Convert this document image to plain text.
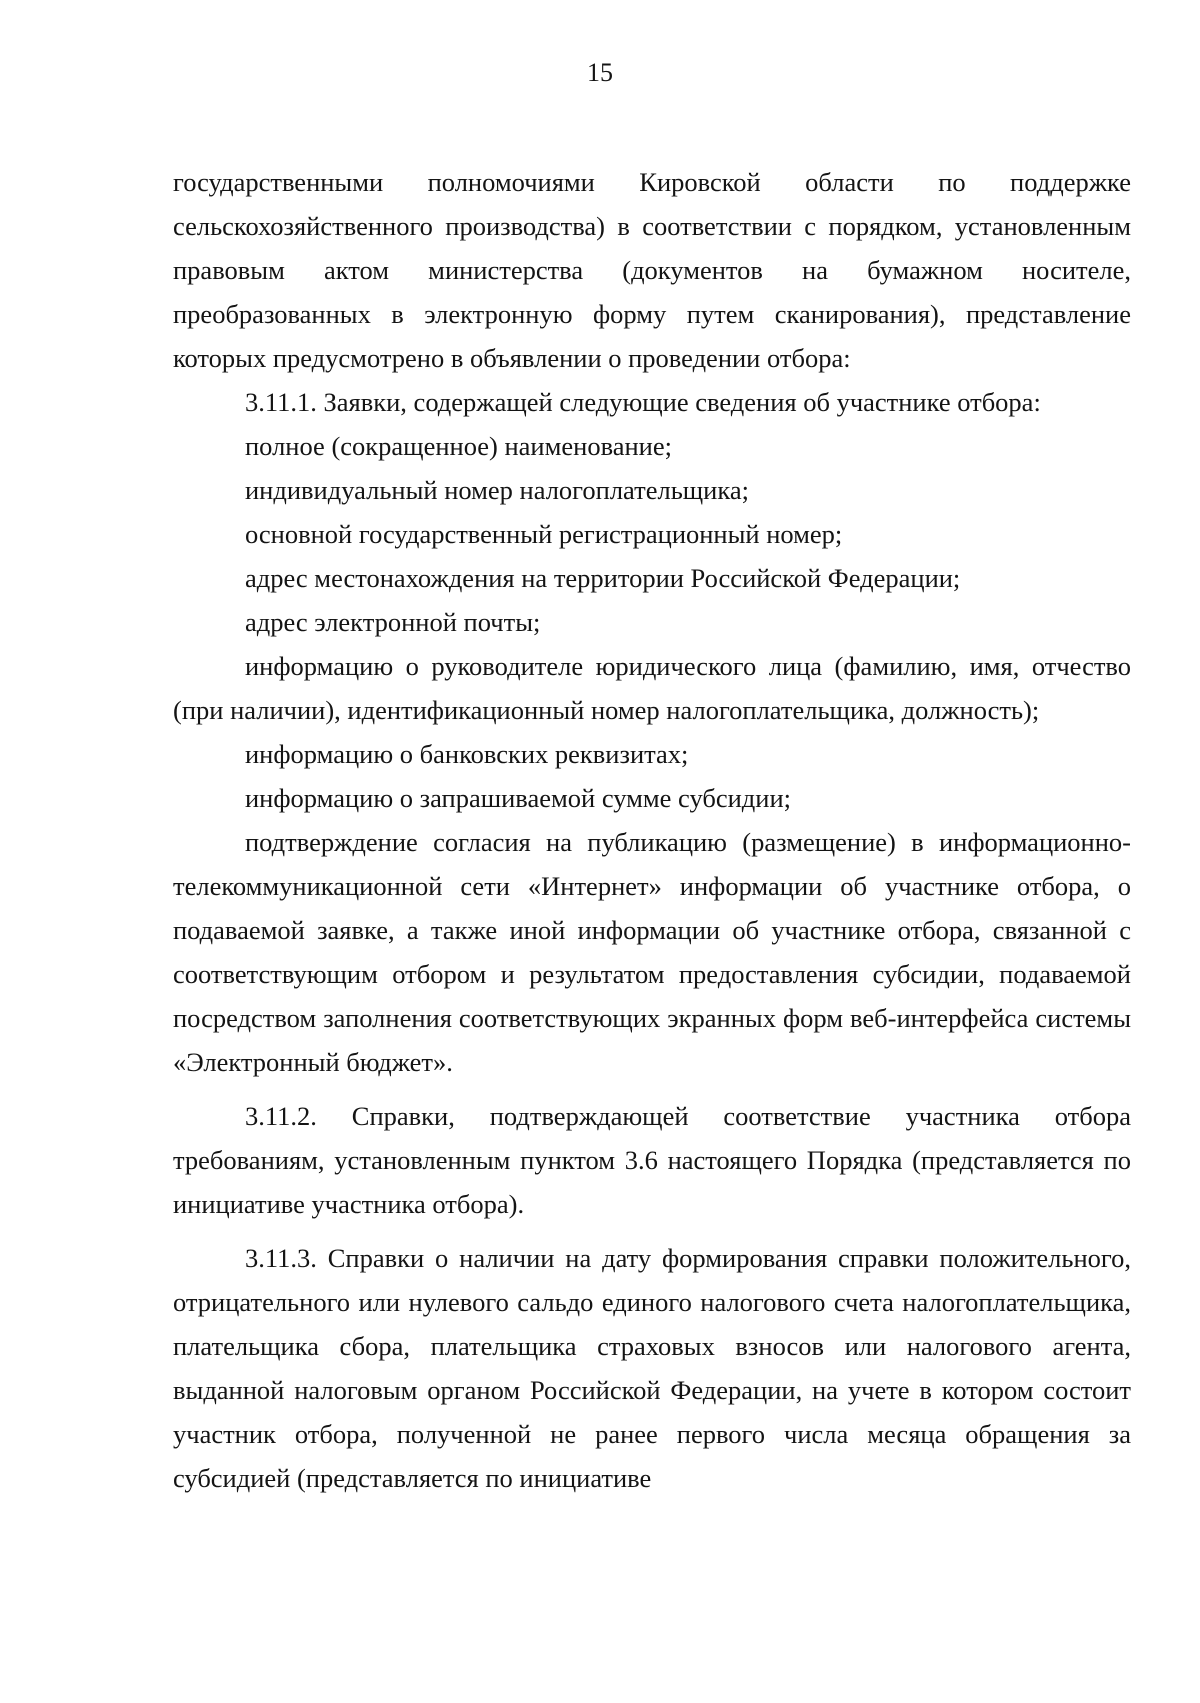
15

государственными полномочиями Кировской области по поддержке сельскохозяйственного производства) в соответствии с порядком, установленным правовым актом министерства (документов на бумажном носителе, преобразованных в электронную форму путем сканирования), представление которых предусмотрено в объявлении о проведении отбора:

3.11.1. Заявки, содержащей следующие сведения об участнике отбора:

полное (сокращенное) наименование;

индивидуальный номер налогоплательщика;

основной государственный регистрационный номер;

адрес местонахождения на территории Российской Федерации;

адрес электронной почты;

информацию о руководителе юридического лица (фамилию, имя, отчество (при наличии), идентификационный номер налогоплательщика, должность);

информацию о банковских реквизитах;

информацию о запрашиваемой сумме субсидии;

подтверждение согласия на публикацию (размещение) в информационно-телекоммуникационной сети «Интернет» информации об участнике отбора, о подаваемой заявке, а также иной информации об участнике отбора, связанной с соответствующим отбором и результатом предоставления субсидии, подаваемой посредством заполнения соответствующих экранных форм веб-интерфейса системы «Электронный бюджет».

3.11.2. Справки, подтверждающей соответствие участника отбора требованиям, установленным пунктом 3.6 настоящего Порядка (представляется по инициативе участника отбора).

3.11.3. Справки о наличии на дату формирования справки положительного, отрицательного или нулевого сальдо единого налогового счета налогоплательщика, плательщика сбора, плательщика страховых взносов или налогового агента, выданной налоговым органом Российской Федерации, на учете в котором состоит участник отбора, полученной не ранее первого числа месяца обращения за субсидией (представляется по инициативе
